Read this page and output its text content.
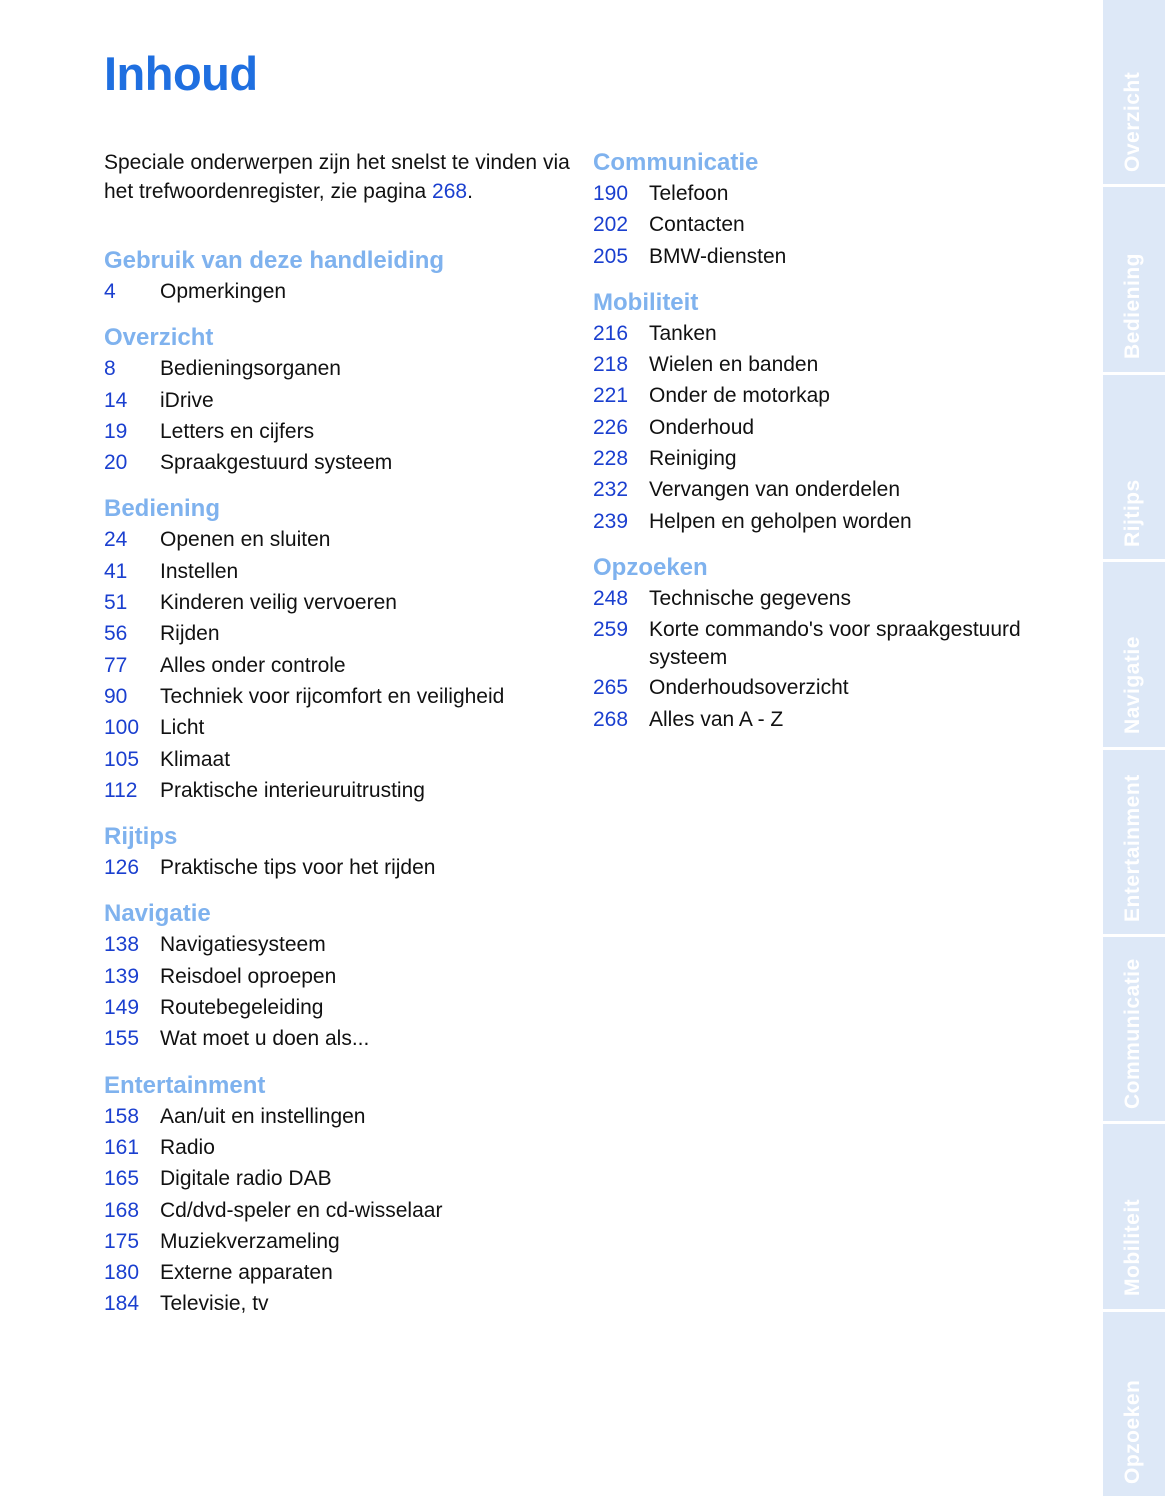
Inhoud

Speciale onderwerpen zijn het snelst te vinden via het trefwoordenregister, zie pagina 268.

Gebruik van deze handleiding
4	Opmerkingen
Overzicht
8	Bedieningsorganen
14	iDrive
19	Letters en cijfers
20	Spraakgestuurd systeem
Bediening
24	Openen en sluiten
41	Instellen
51	Kinderen veilig vervoeren
56	Rijden
77	Alles onder controle
90	Techniek voor rijcomfort en veiligheid
100 Licht
105 Klimaat
112	Praktische interieuruitrusting
Rijtips
126 Praktische tips voor het rijden
Navigatie
138 Navigatiesysteem
139 Reisdoel oproepen
149 Routebegeleiding
155 Wat moet u doen als...
Entertainment
158 Aan/uit en instellingen
161 Radio
165 Digitale radio DAB
168 Cd/dvd-speler en cd-wisselaar
175 Muziekverzameling
180 Externe apparaten
184 Televisie, tv
Communicatie
190 Telefoon
202 Contacten
205 BMW-diensten
Mobiliteit
216 Tanken
218 Wielen en banden
221 Onder de motorkap
226 Onderhoud
228 Reiniging
232 Vervangen van onderdelen
239 Helpen en geholpen worden
Opzoeken
248 Technische gegevens
259 Korte commando's voor spraakgestuurd systeem
265 Onderhoudsoverzicht
268 Alles van A - Z
Overzicht
Bediening
Rijtips
Navigatie
Entertainment
Communicatie
Mobiliteit
Opzoeken
